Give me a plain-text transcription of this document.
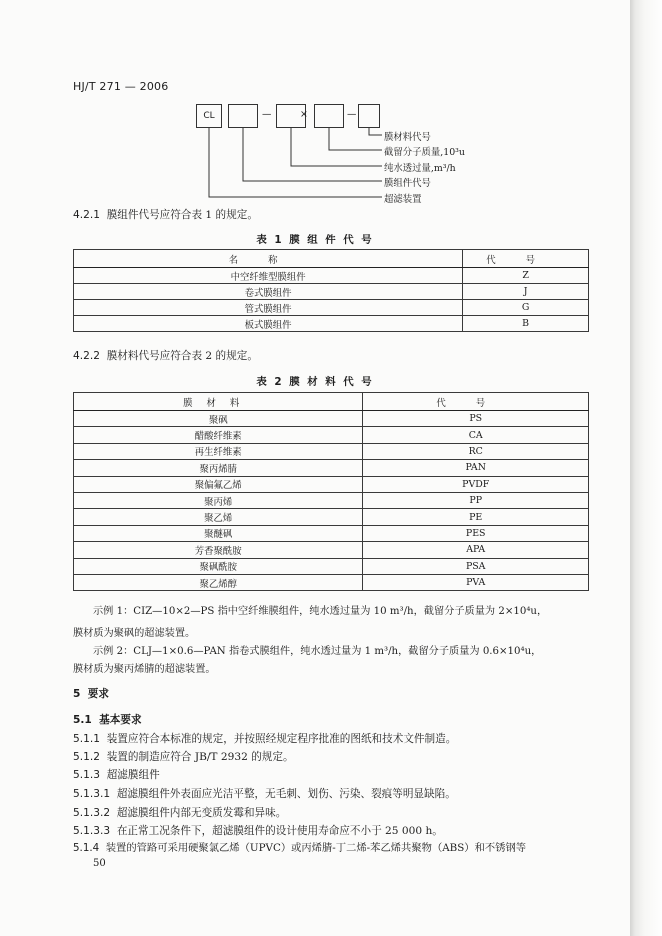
HJ/T 271 — 2006
CL	—	×	—
膜材料代号
截留分子质量,10³u
纯水透过量,m³/h
膜组件代号
超滤装置
4.2.1 膜组件代号应符合表 1 的规定。
表 1 膜 组 件 代 号
名称	代号
中空纤维型膜组件	Z
卷式膜组件	J
管式膜组件	G
板式膜组件	B
4.2.2 膜材料代号应符合表 2 的规定。
表 2 膜 材 料 代 号
膜材料	代号
聚砜	PS
醋酸纤维素	CA
再生纤维素	RC
聚丙烯腈	PAN
聚偏氟乙烯	PVDF
聚丙烯	PP
聚乙烯	PE
聚醚砜	PES
芳香聚酰胺	APA
聚砜酰胺	PSA
聚乙烯醇	PVA
示例 1：CIZ—10×2—PS 指中空纤维膜组件，纯水透过量为 10 m³/h，截留分子质量为 2×10⁴u，
膜材质为聚砜的超滤装置。
示例 2：CLJ—1×0.6—PAN 指卷式膜组件，纯水透过量为 1 m³/h，截留分子质量为 0.6×10⁴u，
膜材质为聚丙烯腈的超滤装置。
5 要求
5.1 基本要求
5.1.1 装置应符合本标准的规定，并按照经规定程序批准的图纸和技术文件制造。
5.1.2 装置的制造应符合 JB/T 2932 的规定。
5.1.3 超滤膜组件
5.1.3.1 超滤膜组件外表面应光洁平整，无毛刺、划伤、污染、裂痕等明显缺陷。
5.1.3.2 超滤膜组件内部无变质发霉和异味。
5.1.3.3 在正常工况条件下，超滤膜组件的设计使用寿命应不小于 25 000 h。
5.1.4 装置的管路可采用硬聚氯乙烯（UPVC）或丙烯腈-丁二烯-苯乙烯共聚物（ABS）和不锈钢等
50
